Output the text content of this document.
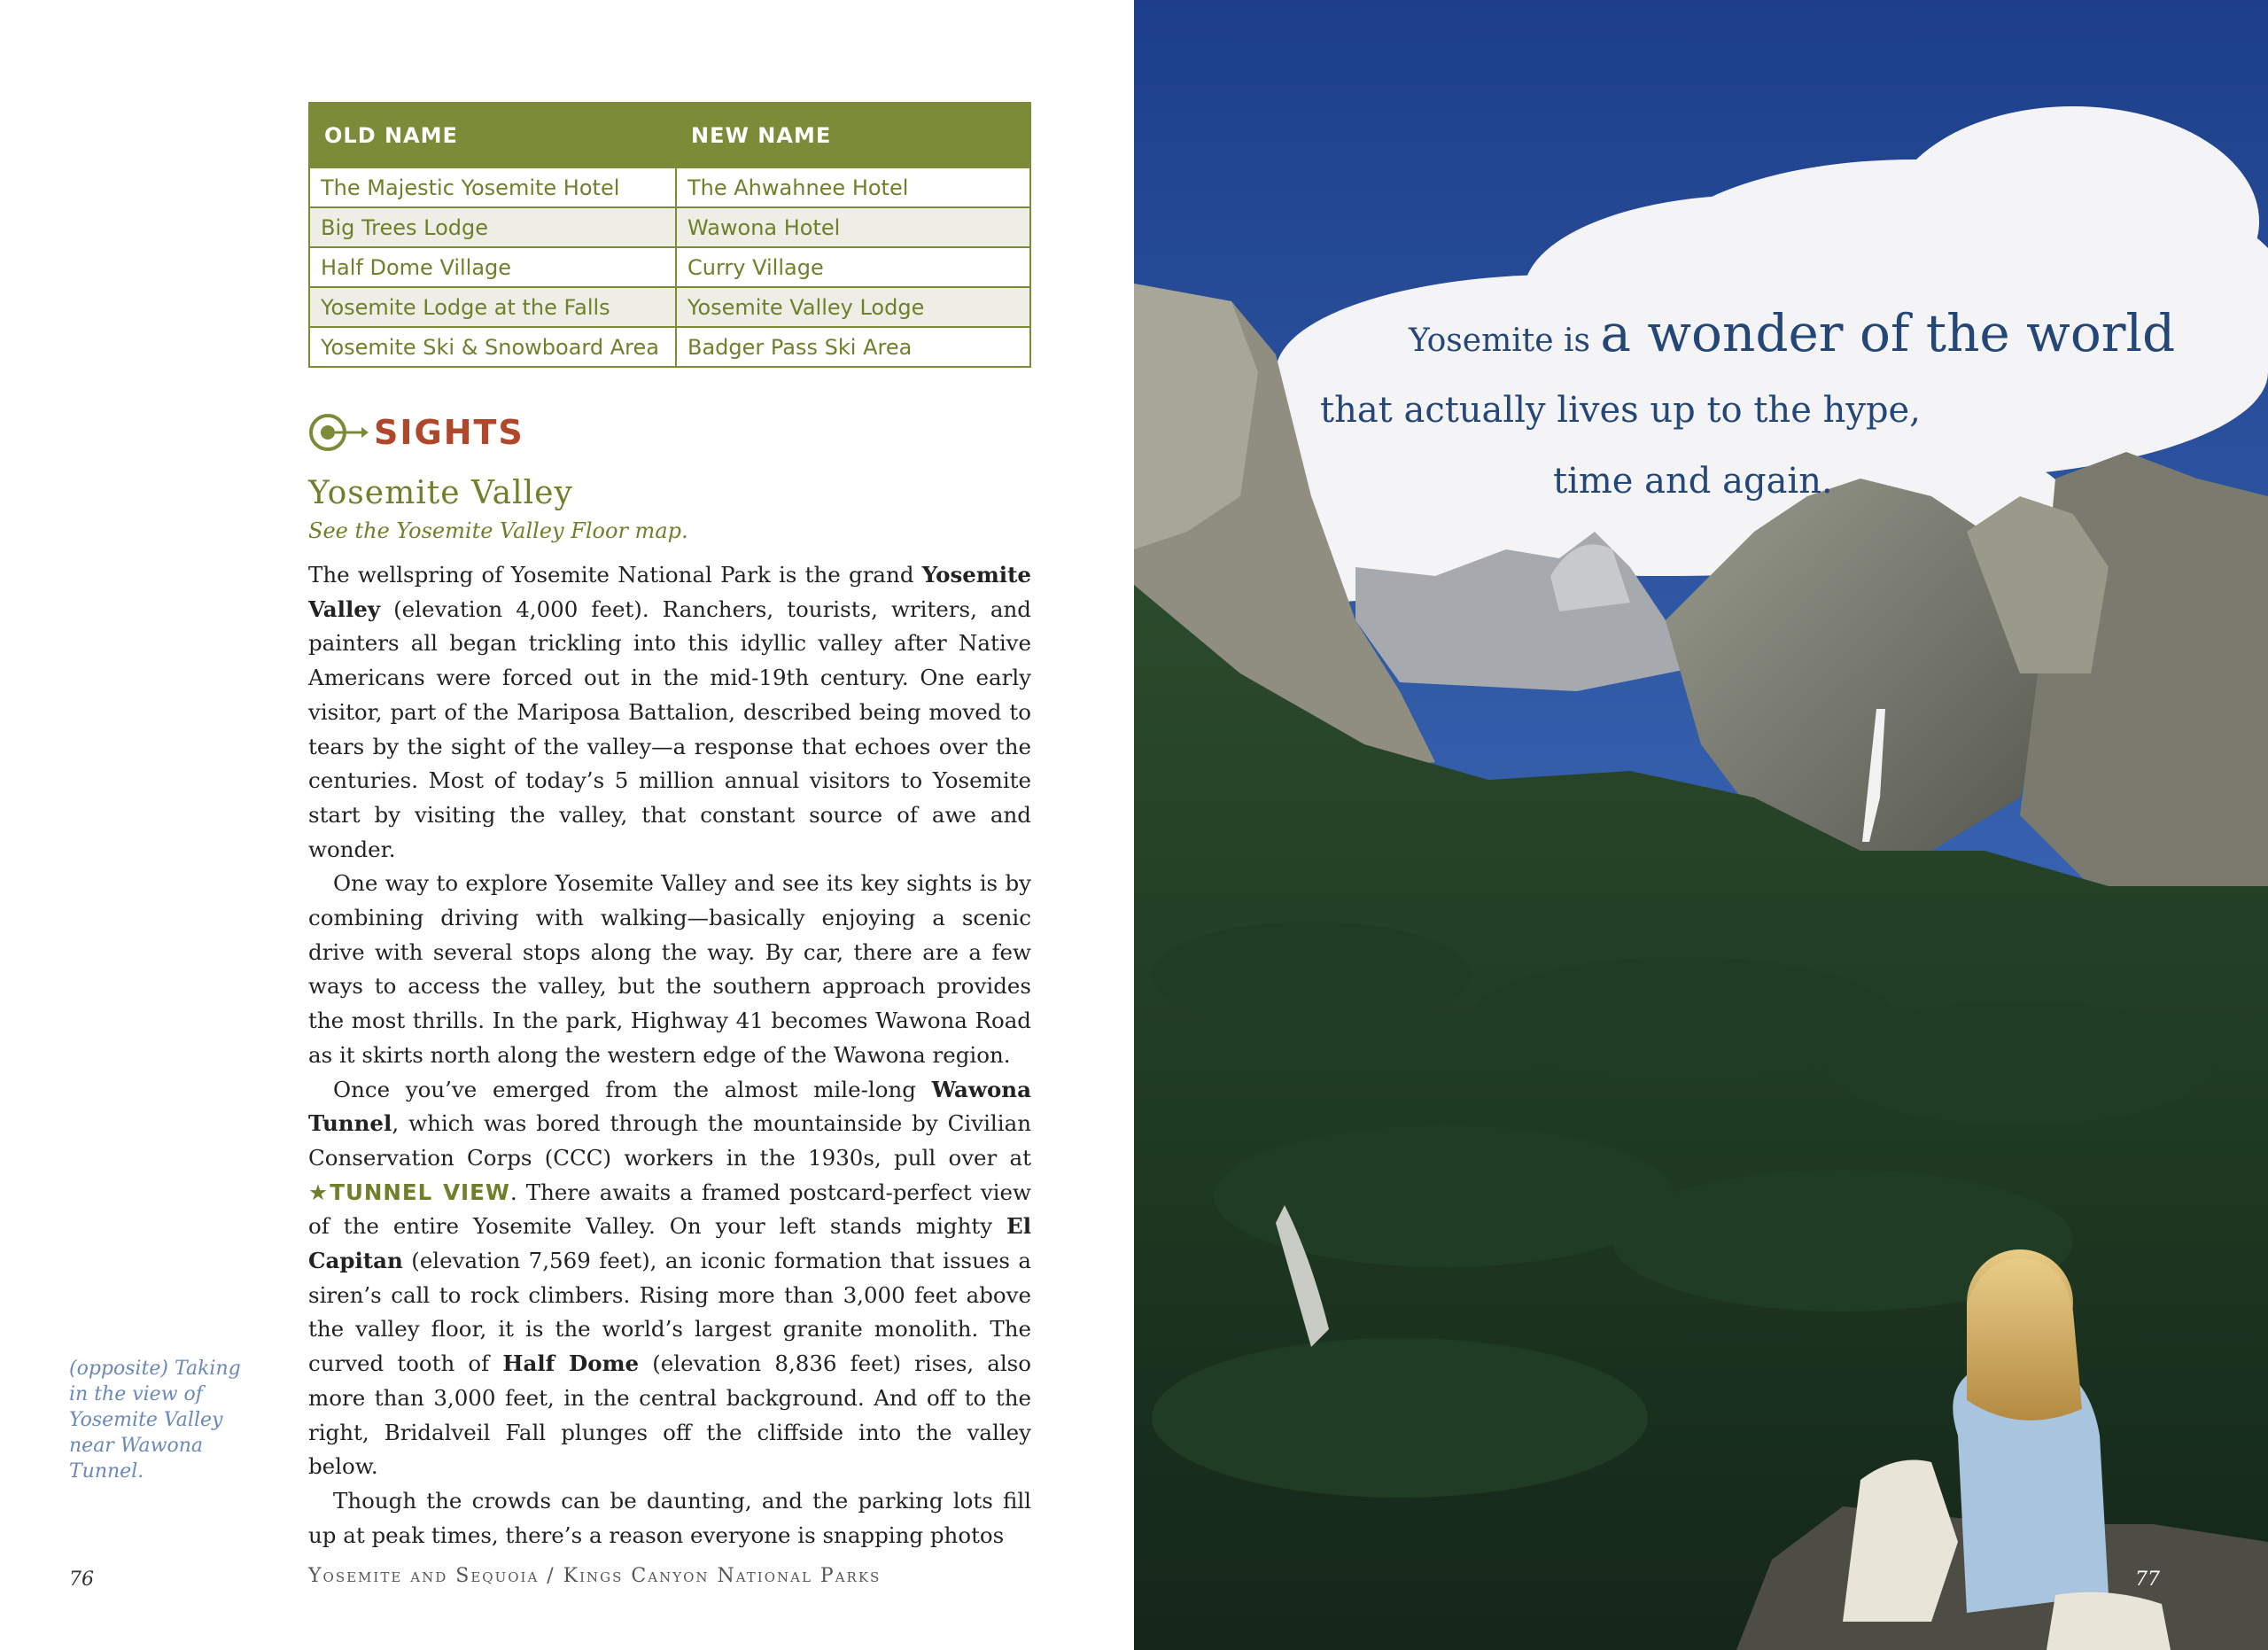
OLD NAME	NEW NAME
The Majestic Yosemite Hotel	The Ahwahnee Hotel
Big Trees Lodge	Wawona Hotel
Half Dome Village	Curry Village
Yosemite Lodge at the Falls	Yosemite Valley Lodge
Yosemite Ski & Snowboard Area	Badger Pass Ski Area
SIGHTS
Yosemite Valley
See the Yosemite Valley Floor map.

The wellspring of Yosemite National Park is the grand Yosemite Valley (elevation 4,000 feet). Ranchers, tourists, writers, and painters all began trickling into this idyllic valley after Native Americans were forced out in the mid-19th century. One early visitor, part of the Mariposa Battalion, described being moved to tears by the sight of the valley—a response that echoes over the centuries. Most of today’s 5 million annual visitors to Yosemite start by visiting the valley, that constant source of awe and wonder.

One way to explore Yosemite Valley and see its key sights is by combining driving with walking—basically enjoying a scenic drive with several stops along the way. By car, there are a few ways to access the valley, but the southern approach provides the most thrills. In the park, Highway 41 becomes Wawona Road as it skirts north along the western edge of the Wawona region.

Once you’ve emerged from the almost mile-long Wawona Tunnel, which was bored through the mountainside by Civilian Conservation Corps (CCC) workers in the 1930s, pull over at ★TUNNEL VIEW. There awaits a framed postcard-perfect view of the entire Yosemite Valley. On your left stands mighty El Capitan (elevation 7,569 feet), an iconic formation that issues a siren’s call to rock climbers. Rising more than 3,000 feet above the valley floor, it is the world’s largest granite monolith. The curved tooth of Half Dome (elevation 8,836 feet) rises, also more than 3,000 feet, in the central background. And off to the right, Bridalveil Fall plunges off the cliffside into the valley below.

Though the crowds can be daunting, and the parking lots fill up at peak times, there’s a reason everyone is snapping photos

(opposite) Taking in the view of Yosemite Valley near Wawona Tunnel.
76	Yosemite and Sequoia / Kings Canyon National Parks
Yosemite is a wonder of the world
that actually lives up to the hype,
time and again.
77
